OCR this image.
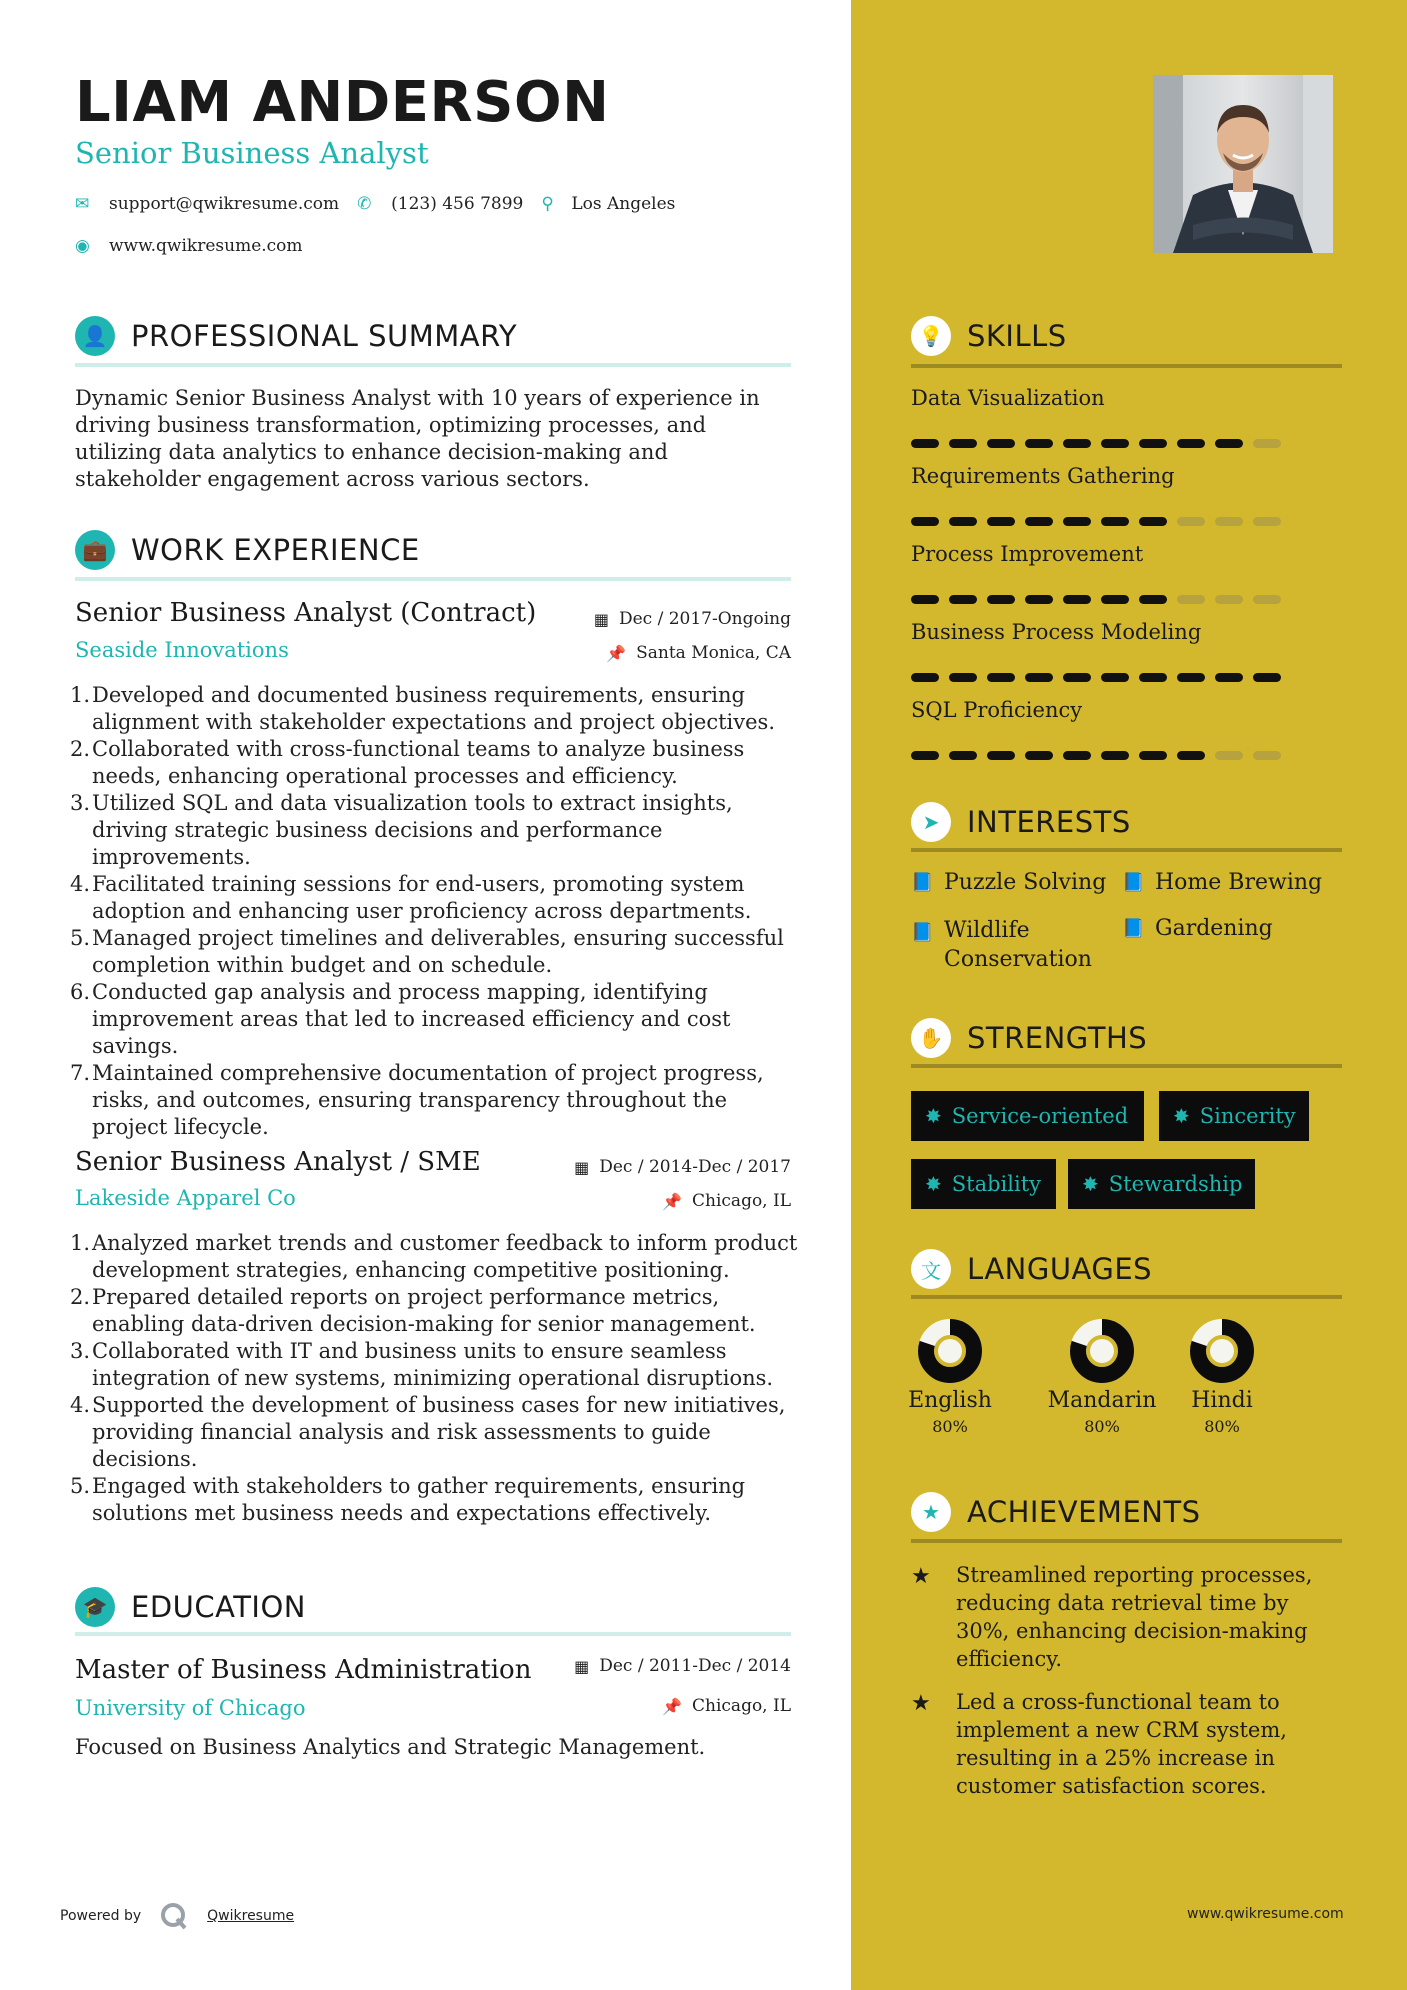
💡 SKILLS
➤ INTERESTS
✋ STRENGTHS
文 LANGUAGES
★ ACHIEVEMENTS
LIAM ANDERSON
Senior Business Analyst
✉	support@qwikresume.com ✆	(123) 456 7899 ⚲	Los Angeles
◉	www.qwikresume.com
👤 PROFESSIONAL SUMMARY
Dynamic Senior Business Analyst with 10 years of experience in driving business transformation, optimizing processes, and utilizing data analytics to enhance decision-making and stakeholder engagement across various sectors.
💼 WORK EXPERIENCE
Senior Business Analyst (Contract)	▦ Dec / 2017-Ongoing
Seaside Innovations	📌 Santa Monica, CA
1. Developed and documented business requirements, ensuring alignment with stakeholder expectations and project objectives.
2. Collaborated with cross-functional teams to analyze business needs, enhancing operational processes and efficiency.
3. Utilized SQL and data visualization tools to extract insights, driving strategic business decisions and performance improvements.
4. Facilitated training sessions for end-users, promoting system adoption and enhancing user proficiency across departments.
5. Managed project timelines and deliverables, ensuring successful completion within budget and on schedule.
6. Conducted gap analysis and process mapping, identifying improvement areas that led to increased efficiency and cost savings.
7. Maintained comprehensive documentation of project progress, risks, and outcomes, ensuring transparency throughout the project lifecycle.
Senior Business Analyst / SME	▦ Dec / 2014-Dec / 2017
Lakeside Apparel Co	📌 Chicago, IL
1. Analyzed market trends and customer feedback to inform product development strategies, enhancing competitive positioning.
2. Prepared detailed reports on project performance metrics, enabling data-driven decision-making for senior management.
3. Collaborated with IT and business units to ensure seamless integration of new systems, minimizing operational disruptions.
4. Supported the development of business cases for new initiatives, providing financial analysis and risk assessments to guide decisions.
5. Engaged with stakeholders to gather requirements, ensuring solutions met business needs and expectations effectively.
🎓 EDUCATION
Master of Business Administration	▦ Dec / 2011-Dec / 2014
University of Chicago	📌 Chicago, IL
Focused on Business Analytics and Strategic Management.
Data Visualization
Requirements Gathering
Process Improvement
Business Process Modeling
SQL Proficiency
📘 Puzzle Solving 📘 Home Brewing
📘 Wildlife Conservation
📘 Gardening
✸ Service-oriented ✸ Sincerity
✸ Stability ✸ Stewardship
English
80%
Mandarin
80%
Hindi
80%
★	Streamlined reporting processes, reducing data retrieval time by 30%, enhancing decision-making efficiency.
★	Led a cross-functional team to implement a new CRM system, resulting in a 25% increase in customer satisfaction scores.
Powered by	Qwikresume	www.qwikresume.com
